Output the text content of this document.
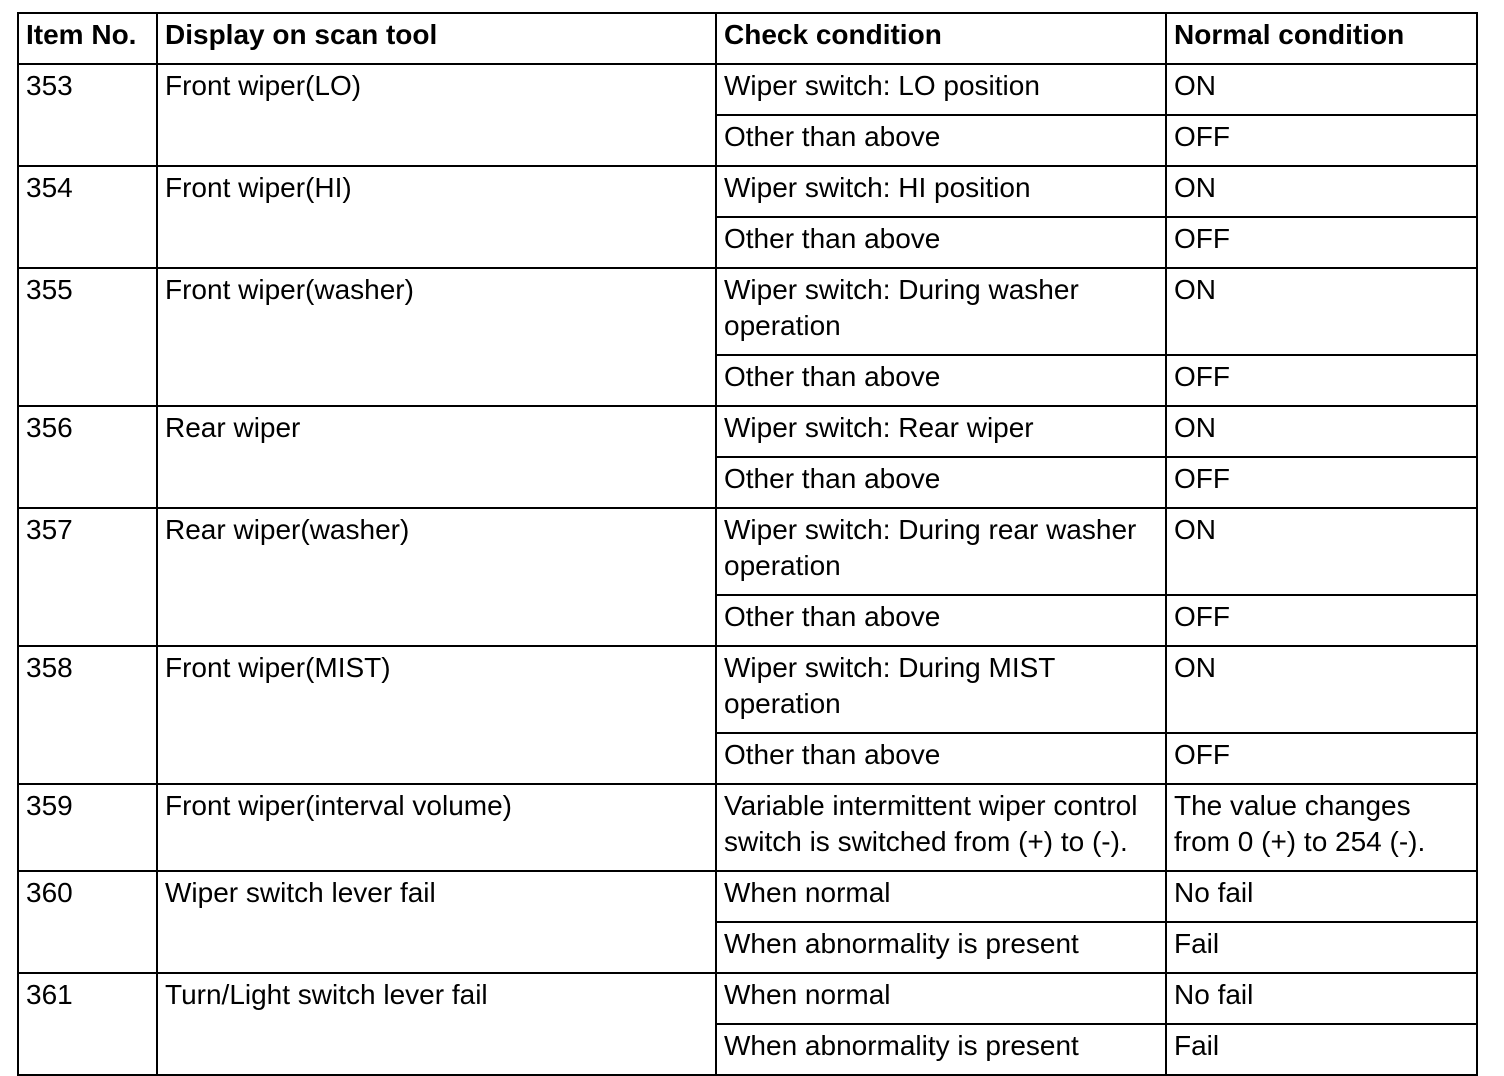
Item No.	Display on scan tool	Check condition	Normal condition
353	Front wiper(LO)	Wiper switch: LO position	ON
		Other than above	OFF
354	Front wiper(HI)	Wiper switch: HI position	ON
		Other than above	OFF
355	Front wiper(washer)	Wiper switch: During washer operation	ON
		Other than above	OFF
356	Rear wiper	Wiper switch: Rear wiper	ON
		Other than above	OFF
357	Rear wiper(washer)	Wiper switch: During rear washer operation	ON
		Other than above	OFF
358	Front wiper(MIST)	Wiper switch: During MIST operation	ON
		Other than above	OFF
359	Front wiper(interval volume)	Variable intermittent wiper control switch is switched from (+) to (-).	The value changes from 0 (+) to 254 (-).
360	Wiper switch lever fail	When normal	No fail
		When abnormality is present	Fail
361	Turn/Light switch lever fail	When normal	No fail
		When abnormality is present	Fail
